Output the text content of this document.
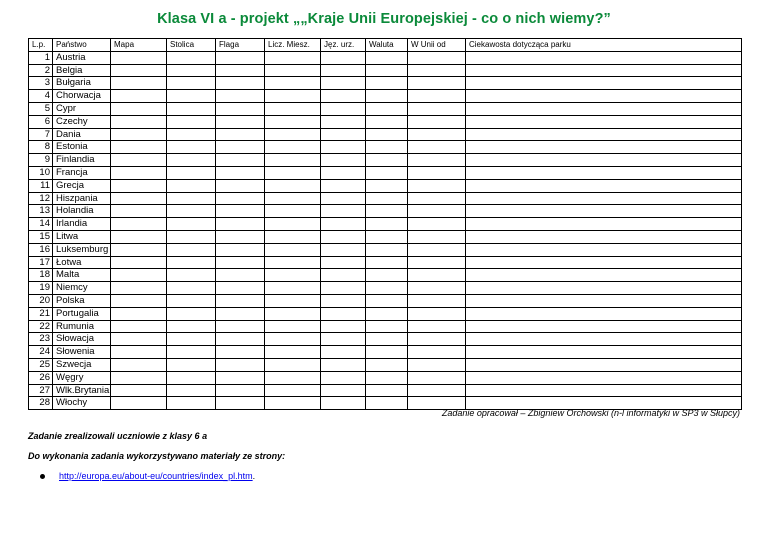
Klasa VI a - projekt „„Kraje Unii Europejskiej - co o nich wiemy?”
L.p.	Państwo	Mapa	Stolica	Flaga	Licz. Miesz.	Jęz. urz.	Waluta	W Unii od	Ciekawosta dotycząca parku
1	Austria								
2	Belgia								
3	Bułgaria								
4	Chorwacja								
5	Cypr								
6	Czechy								
7	Dania								
8	Estonia								
9	Finlandia								
10	Francja								
11	Grecja								
12	Hiszpania								
13	Holandia								
14	Irlandia								
15	Litwa								
16	Luksemburg								
17	Łotwa								
18	Malta								
19	Niemcy								
20	Polska								
21	Portugalia								
22	Rumunia								
23	Słowacja								
24	Słowenia								
25	Szwecja								
26	Węgry								
27	Wlk.Brytania								
28	Włochy								
Zadanie opracował – Zbigniew Orchowski (n-l informatyki w SP3 w Słupcy)
Zadanie zrealizowali uczniowie z klasy 6 a
Do wykonania zadania wykorzystywano materiały ze strony:
http://europa.eu/about-eu/countries/index_pl.htm .
